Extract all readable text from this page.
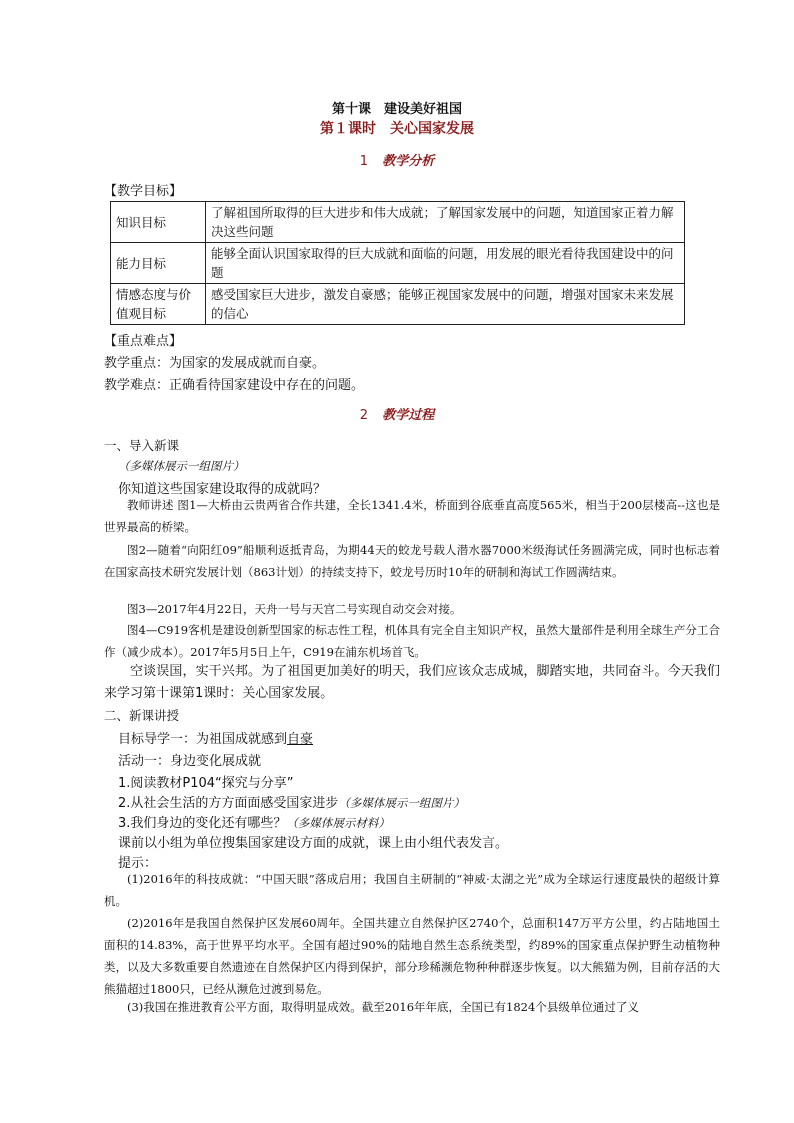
第十课　建设美好祖国
第１课时　关心国家发展
1 教学分析
【教学目标】
知识目标	了解祖国所取得的巨大进步和伟大成就；了解国家发展中的问题，知道国家正着力解决这些问题
能力目标	能够全面认识国家取得的巨大成就和面临的问题，用发展的眼光看待我国建设中的问题
情感态度与价值观目标	感受国家巨大进步，激发自豪感；能够正视国家发展中的问题，增强对国家未来发展的信心
【重点难点】
教学重点：为国家的发展成就而自豪。
教学难点：正确看待国家建设中存在的问题。
2 教学过程
一、导入新课
（多媒体展示一组图片）
你知道这些国家建设取得的成就吗？
教师讲述 图1—大桥由云贵两省合作共建，全长1341.4米，桥面到谷底垂直高度565米，相当于200层楼高--这也是世界最高的桥梁。
图2—随着“向阳红09”船顺利返抵青岛，为期44天的蛟龙号载人潜水器7000米级海试任务圆满完成，同时也标志着在国家高技术研究发展计划（863计划）的持续支持下，蛟龙号历时10年的研制和海试工作圆满结束。
图3—2017年4月22日，天舟一号与天宫二号实现自动交会对接。
图4—C919客机是建设创新型国家的标志性工程，机体具有完全自主知识产权，虽然大量部件是利用全球生产分工合作（减少成本）。2017年5月5日上午，C919在浦东机场首飞。
空谈误国，实干兴邦。为了祖国更加美好的明天，我们应该众志成城，脚踏实地，共同奋斗。今天我们来学习第十课第1课时：关心国家发展。
二、新课讲授
目标导学一：为祖国成就感到自豪
活动一：身边变化展成就
1.阅读教材P104“探究与分享”
2.从社会生活的方方面面感受国家进步（多媒体展示一组图片）
3.我们身边的变化还有哪些？（多媒体展示材料）
课前以小组为单位搜集国家建设方面的成就，课上由小组代表发言。
提示：
(1)2016年的科技成就：“中国天眼”落成启用；我国自主研制的“神威·太湖之光”成为全球运行速度最快的超级计算机。
(2)2016年是我国自然保护区发展60周年。全国共建立自然保护区2740个，总面积147万平方公里，约占陆地国土面积的14.83%，高于世界平均水平。全国有超过90%的陆地自然生态系统类型，约89%的国家重点保护野生动植物种类，以及大多数重要自然遗迹在自然保护区内得到保护，部分珍稀濒危物种种群逐步恢复。以大熊猫为例，目前存活的大熊猫超过1800只，已经从濒危过渡到易危。
(3)我国在推进教育公平方面，取得明显成效。截至2016年年底，全国已有1824个县级单位通过了义
